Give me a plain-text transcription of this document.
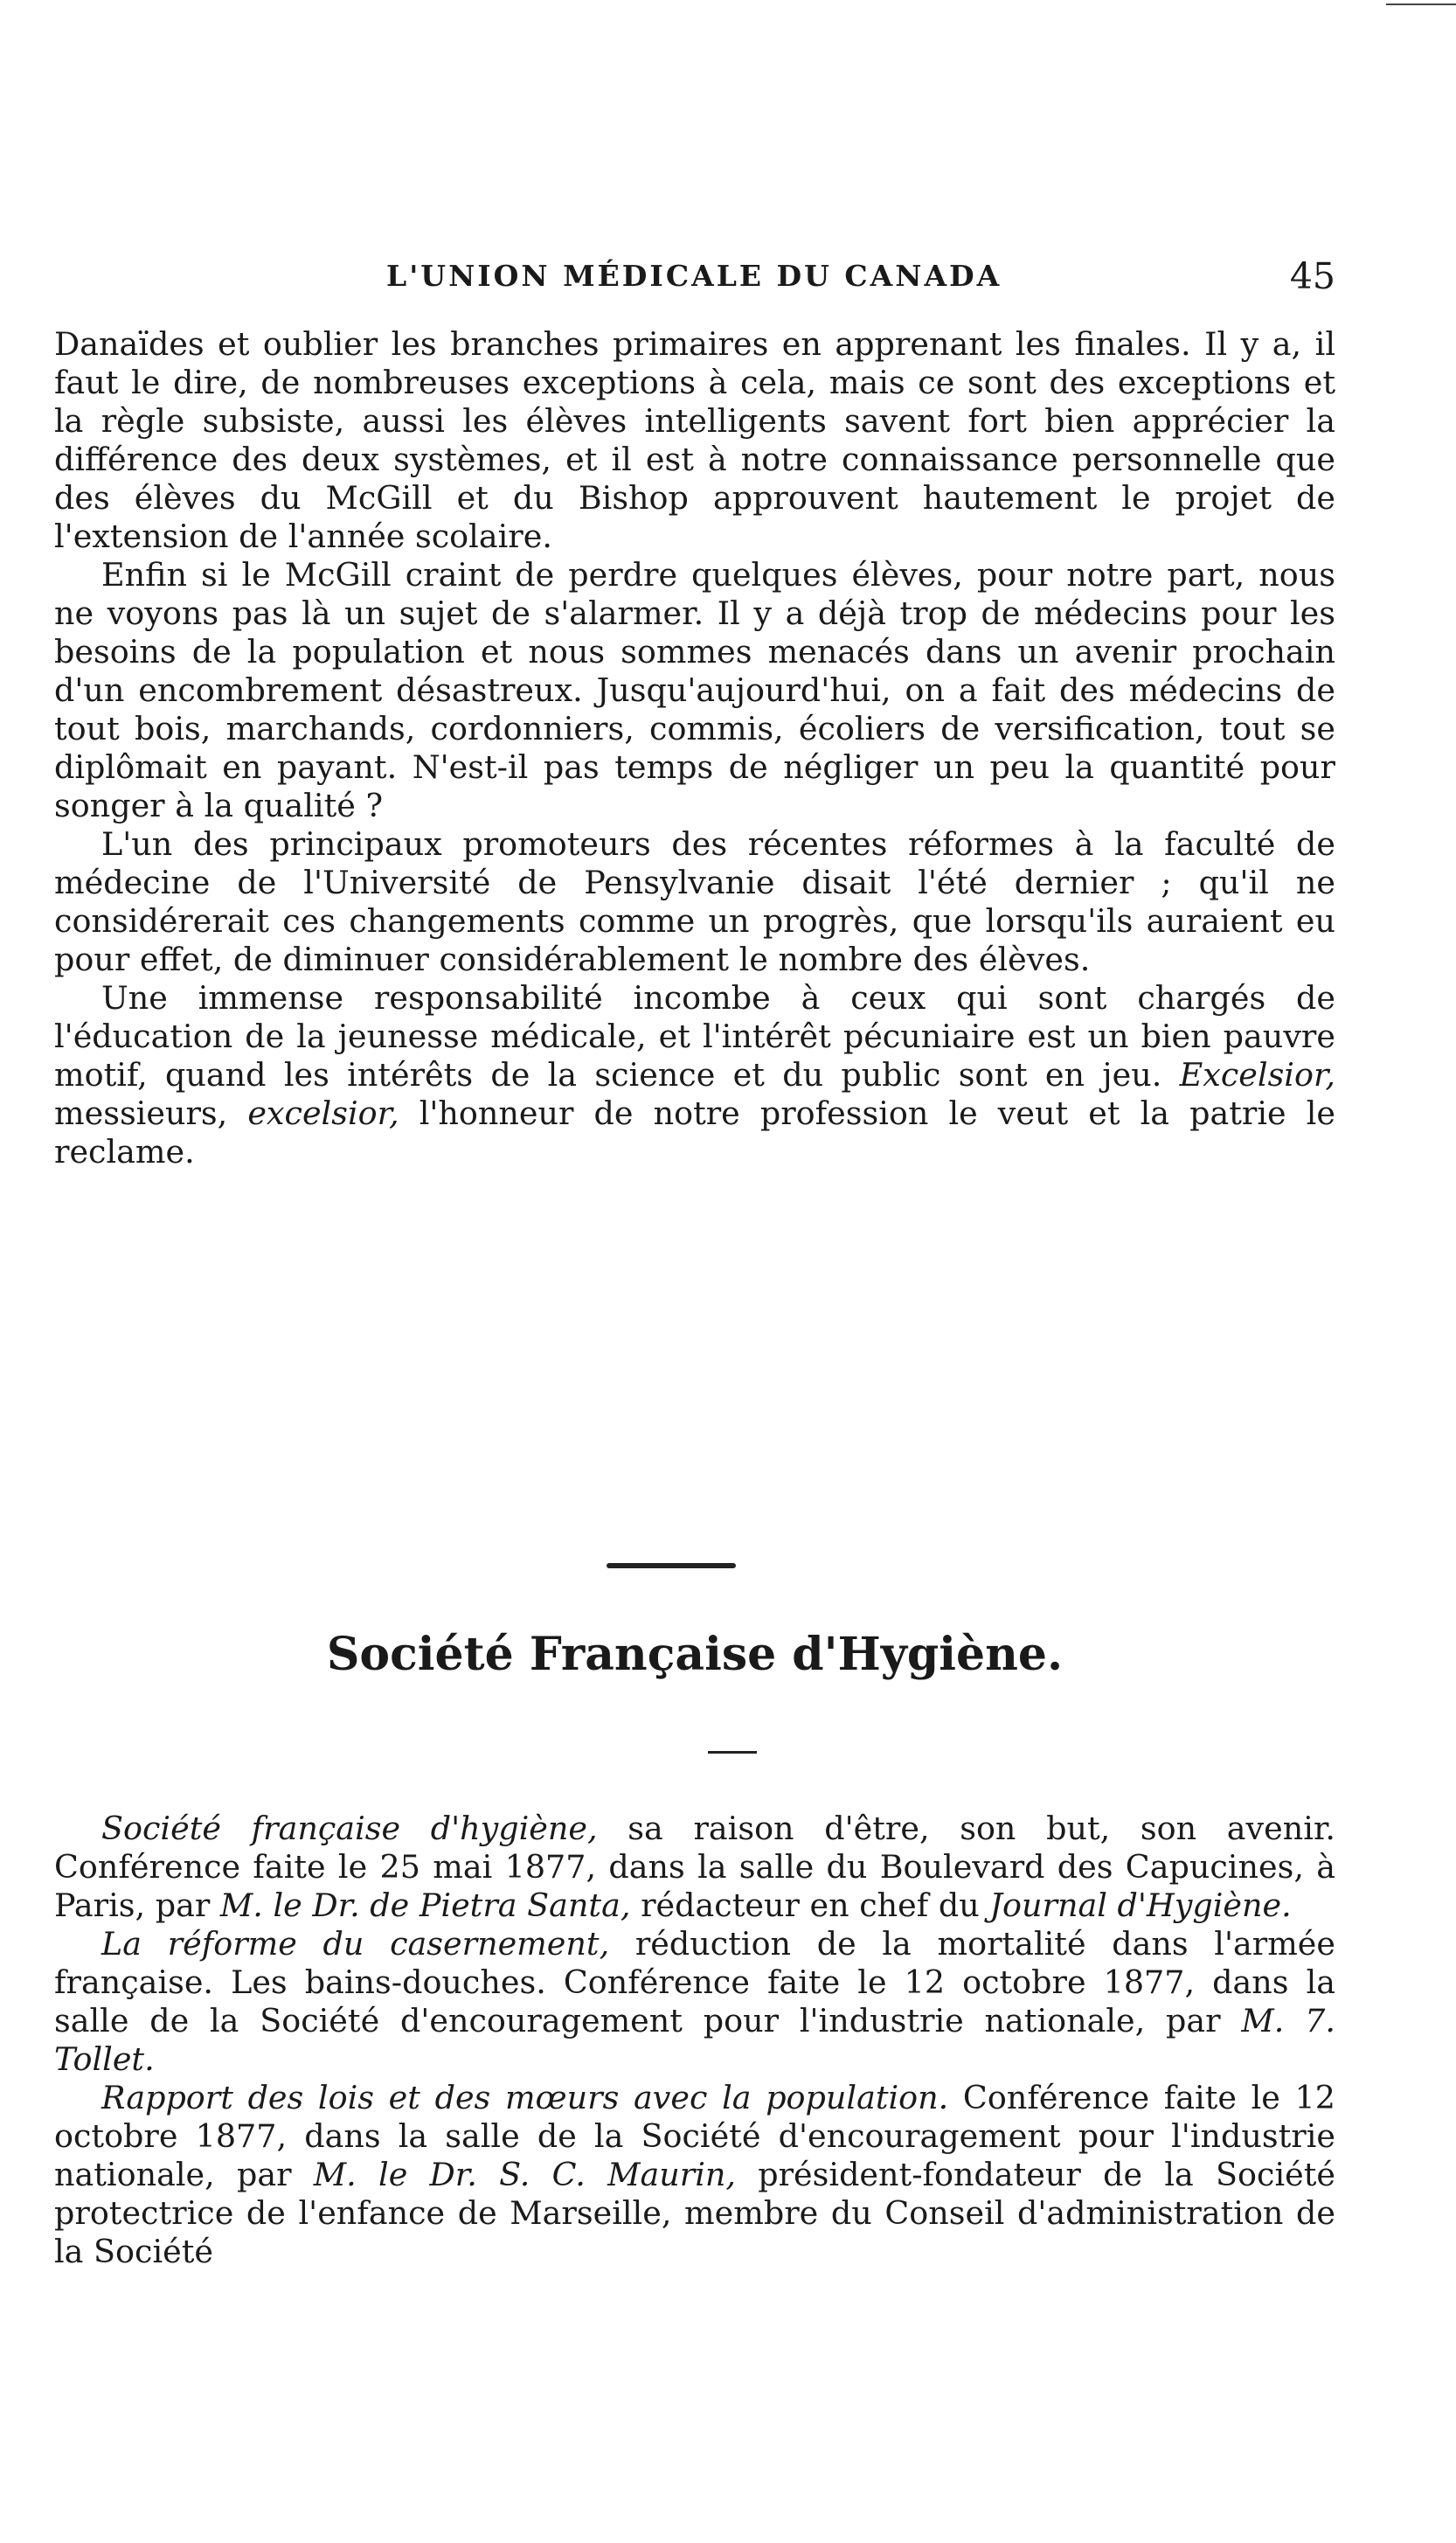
L'UNION MÉDICALE DU CANADA	45

Danaïdes et oublier les branches primaires en apprenant les finales. Il y a, il faut le dire, de nombreuses exceptions à cela, mais ce sont des exceptions et la règle subsiste, aussi les élèves intelligents savent fort bien apprécier la différence des deux systèmes, et il est à notre connaissance personnelle que des élèves du McGill et du Bishop approuvent hautement le projet de l'extension de l'année scolaire.

Enfin si le McGill craint de perdre quelques élèves, pour notre part, nous ne voyons pas là un sujet de s'alarmer. Il y a déjà trop de médecins pour les besoins de la population et nous sommes menacés dans un avenir prochain d'un encombrement désastreux. Jusqu'aujourd'hui, on a fait des médecins de tout bois, marchands, cordonniers, commis, écoliers de versification, tout se diplômait en payant. N'est-il pas temps de négliger un peu la quantité pour songer à la qualité ?

L'un des principaux promoteurs des récentes réformes à la faculté de médecine de l'Université de Pensylvanie disait l'été dernier ; qu'il ne considérerait ces changements comme un progrès, que lorsqu'ils auraient eu pour effet, de diminuer considérablement le nombre des élèves.

Une immense responsabilité incombe à ceux qui sont chargés de l'éducation de la jeunesse médicale, et l'intérêt pécuniaire est un bien pauvre motif, quand les intérêts de la science et du public sont en jeu. Excelsior, messieurs, excelsior, l'honneur de notre profession le veut et la patrie le reclame.

Société Française d'Hygiène.

Société française d'hygiène, sa raison d'être, son but, son avenir. Conférence faite le 25 mai 1877, dans la salle du Boulevard des Capucines, à Paris, par M. le Dr. de Pietra Santa, rédacteur en chef du Journal d'Hygiène.

La réforme du casernement, réduction de la mortalité dans l'armée française. Les bains-douches. Conférence faite le 12 octobre 1877, dans la salle de la Société d'encouragement pour l'industrie nationale, par M. 7. Tollet.

Rapport des lois et des mœurs avec la population. Conférence faite le 12 octobre 1877, dans la salle de la Société d'encouragement pour l'industrie nationale, par M. le Dr. S. C. Maurin, président-fondateur de la Société protectrice de l'enfance de Marseille, membre du Conseil d'administration de la Société
